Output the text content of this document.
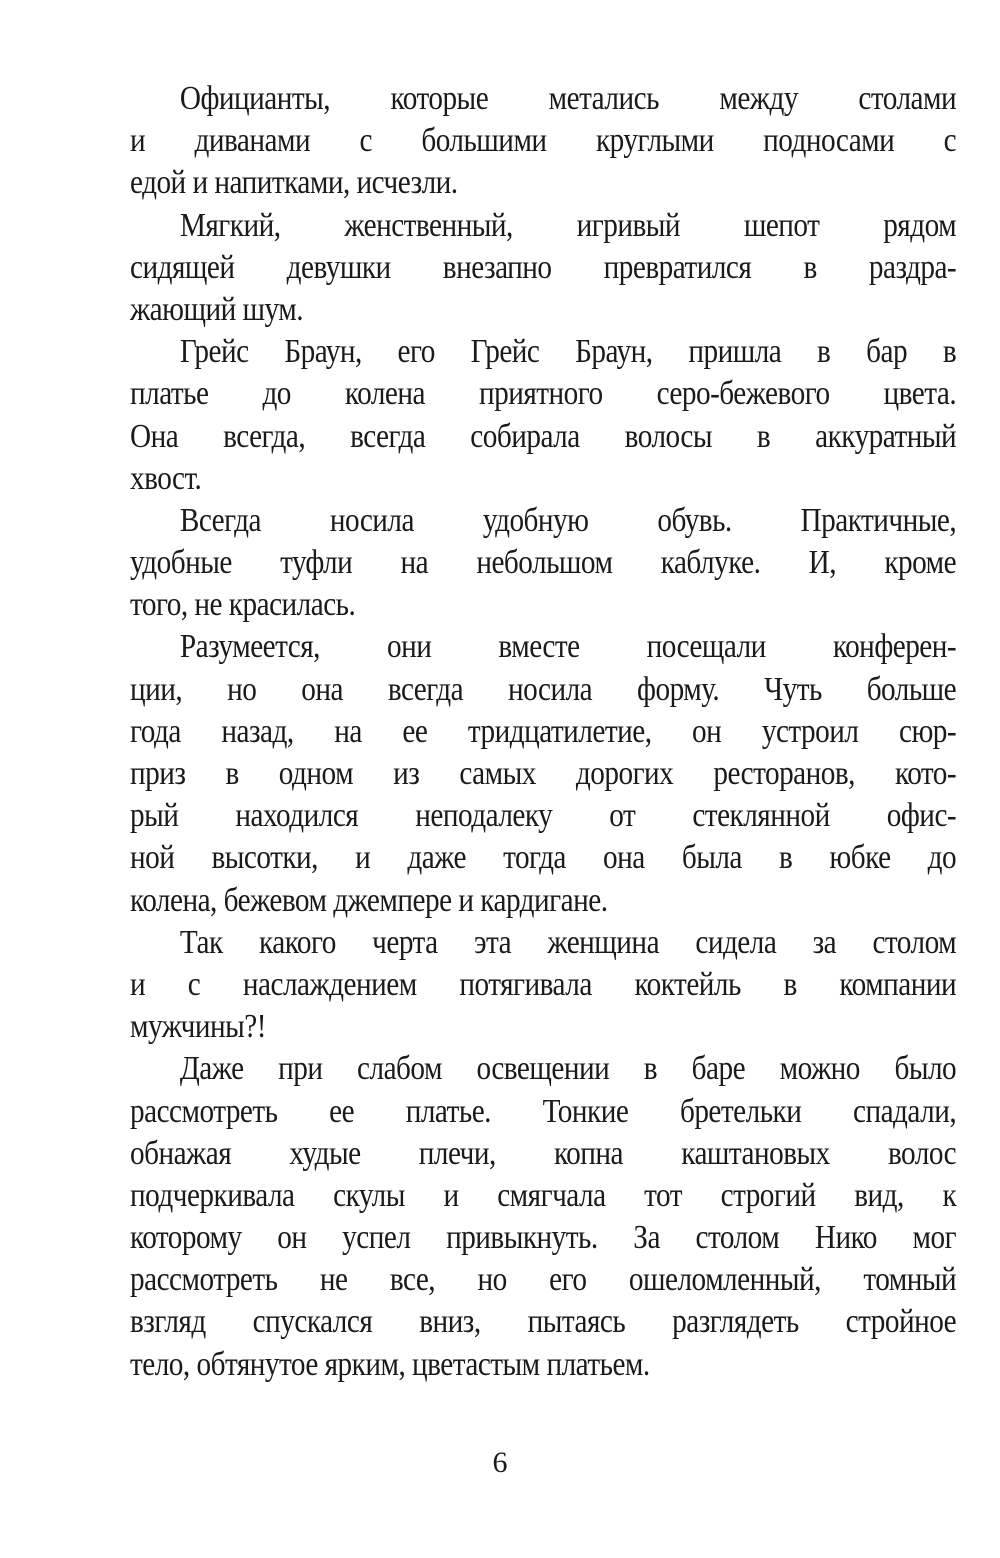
Официанты, которые метались между столами
и диванами с большими круглыми подносами с
едой и напитками, исчезли.
Мягкий, женственный, игривый шепот рядом
сидящей девушки внезапно превратился в раздра-
жающий шум.
Грейс Браун, его Грейс Браун, пришла в бар в
платье до колена приятного серо-бежевого цвета.
Она всегда, всегда собирала волосы в аккуратный
хвост.
Всегда носила удобную обувь. Практичные,
удобные туфли на небольшом каблуке. И, кроме
того, не красилась.
Разумеется, они вместе посещали конферен-
ции, но она всегда носила форму. Чуть больше
года назад, на ее тридцатилетие, он устроил сюр-
приз в одном из самых дорогих ресторанов, кото-
рый находился неподалеку от стеклянной офис-
ной высотки, и даже тогда она была в юбке до
колена, бежевом джемпере и кардигане.
Так какого черта эта женщина сидела за столом
и с наслаждением потягивала коктейль в компании
мужчины?!
Даже при слабом освещении в баре можно было
рассмотреть ее платье. Тонкие бретельки спадали,
обнажая худые плечи, копна каштановых волос
подчеркивала скулы и смягчала тот строгий вид, к
которому он успел привыкнуть. За столом Нико мог
рассмотреть не все, но его ошеломленный, томный
взгляд спускался вниз, пытаясь разглядеть стройное
тело, обтянутое ярким, цветастым платьем.
6
